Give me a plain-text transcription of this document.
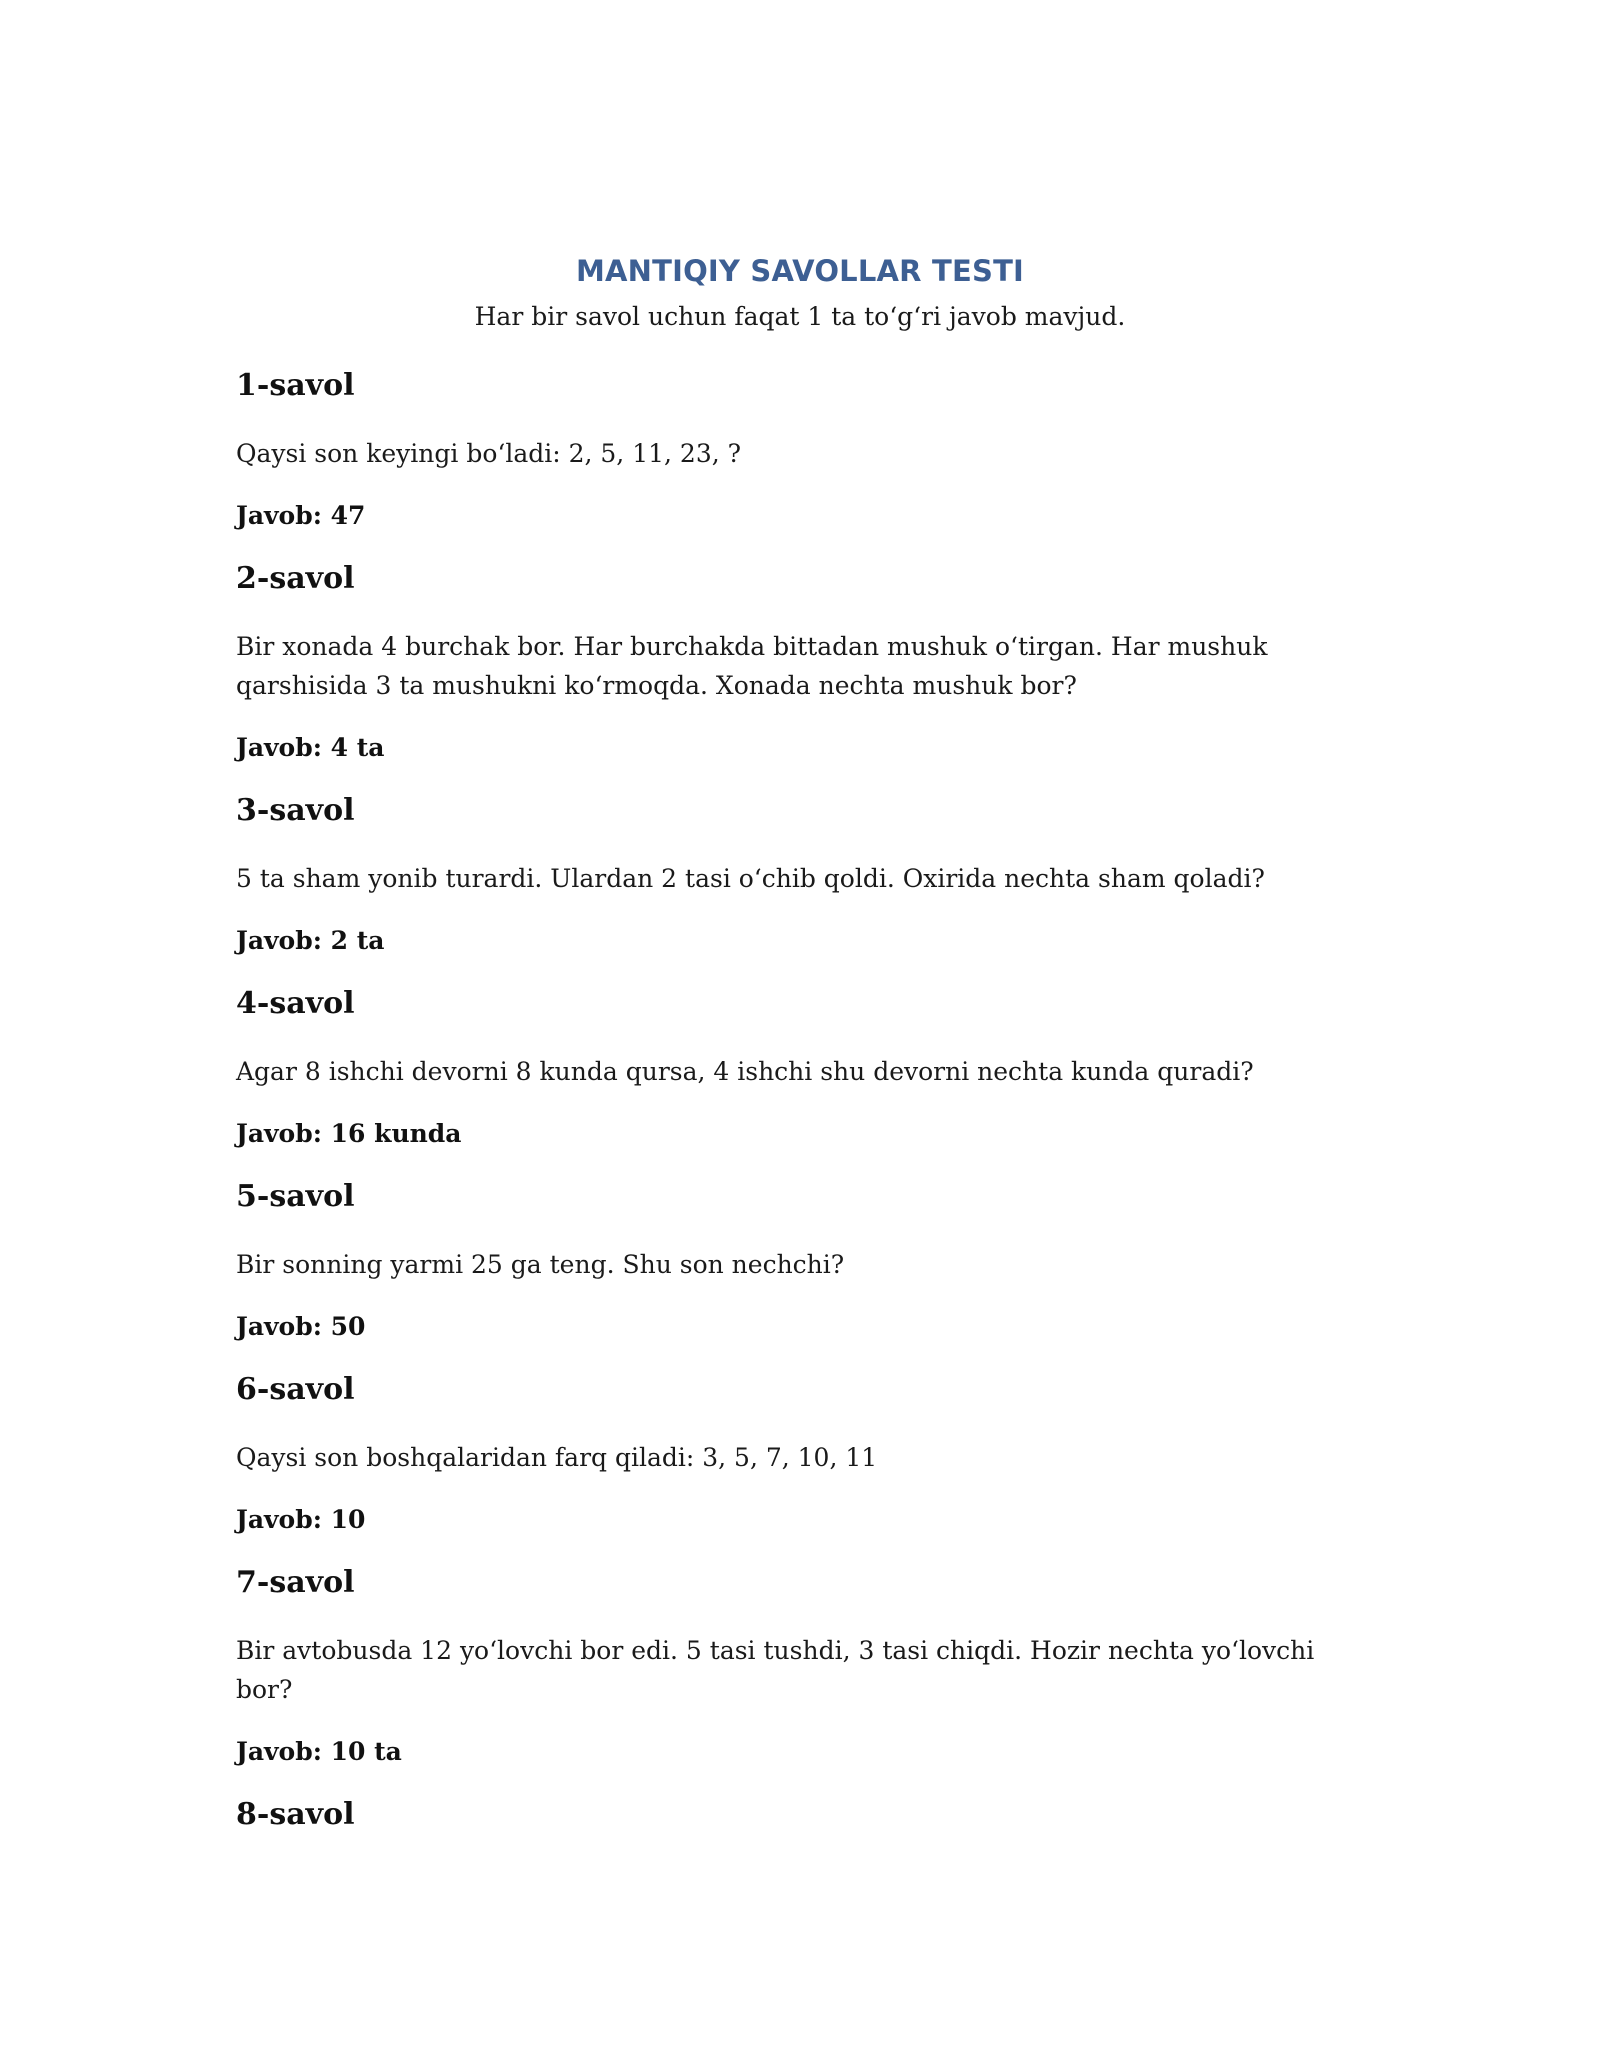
MANTIQIY SAVOLLAR TESTI
Har bir savol uchun faqat 1 ta to‘g‘ri javob mavjud.
1-savol
Qaysi son keyingi bo‘ladi: 2, 5, 11, 23, ?
Javob: 47
2-savol
Bir xonada 4 burchak bor. Har burchakda bittadan mushuk o‘tirgan. Har mushuk qarshisida 3 ta mushukni ko‘rmoqda. Xonada nechta mushuk bor?
Javob: 4 ta
3-savol
5 ta sham yonib turardi. Ulardan 2 tasi o‘chib qoldi. Oxirida nechta sham qoladi?
Javob: 2 ta
4-savol
Agar 8 ishchi devorni 8 kunda qursa, 4 ishchi shu devorni nechta kunda quradi?
Javob: 16 kunda
5-savol
Bir sonning yarmi 25 ga teng. Shu son nechchi?
Javob: 50
6-savol
Qaysi son boshqalaridan farq qiladi: 3, 5, 7, 10, 11
Javob: 10
7-savol
Bir avtobusda 12 yo‘lovchi bor edi. 5 tasi tushdi, 3 tasi chiqdi. Hozir nechta yo‘lovchi bor?
Javob: 10 ta
8-savol
